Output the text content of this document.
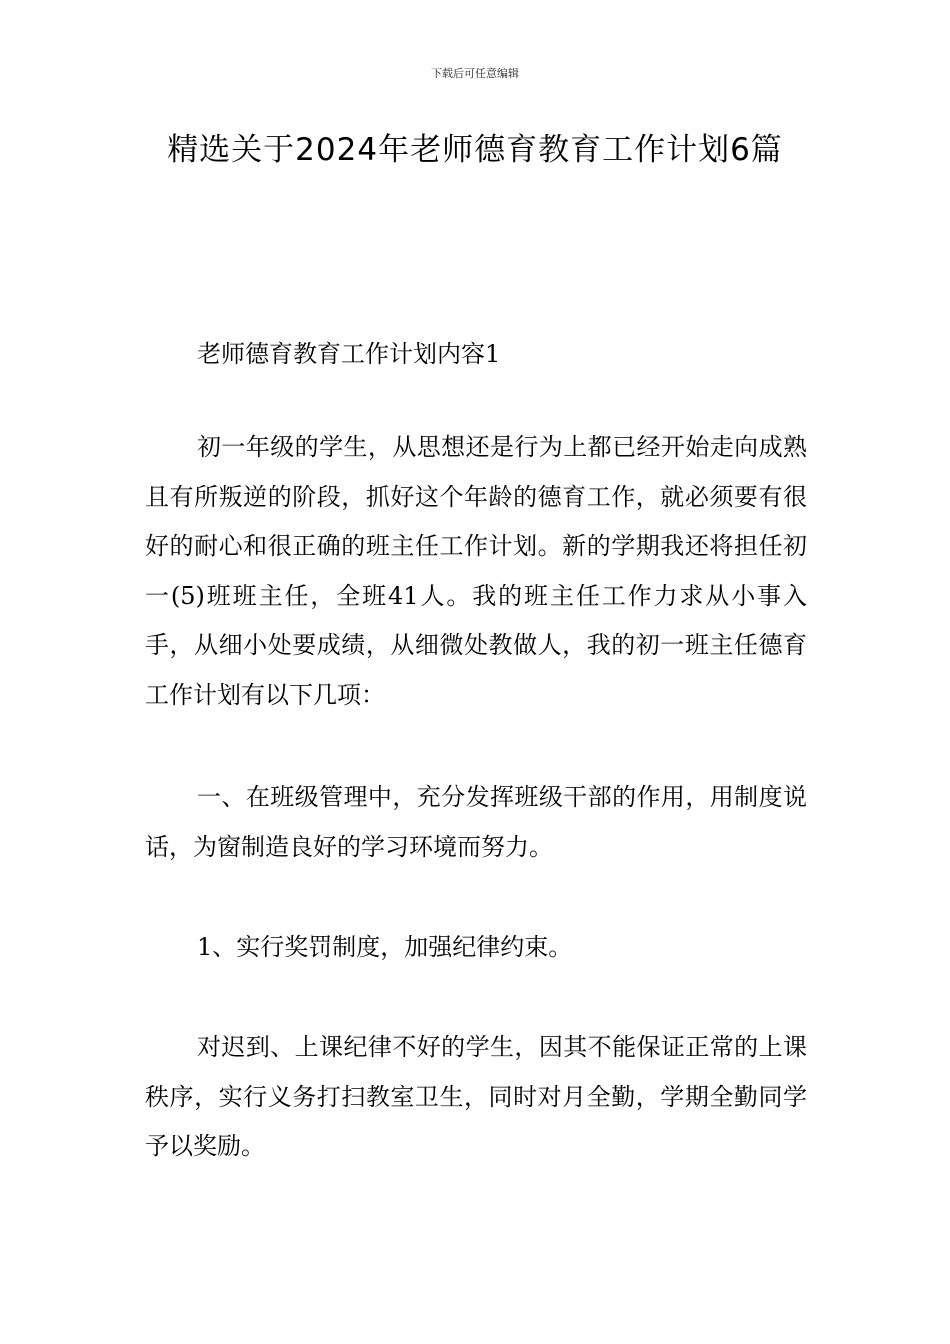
下载后可任意编辑
精选关于2024年老师德育教育工作计划6篇

老师德育教育工作计划内容1

初一年级的学生，从思想还是行为上都已经开始走向成熟且有所叛逆的阶段，抓好这个年龄的德育工作，就必须要有很好的耐心和很正确的班主任工作计划。新的学期我还将担任初一(5)班班主任，全班41人。我的班主任工作力求从小事入手，从细小处要成绩，从细微处教做人，我的初一班主任德育工作计划有以下几项：

一、在班级管理中，充分发挥班级干部的作用，用制度说话，为窗制造良好的学习环境而努力。

1、实行奖罚制度，加强纪律约束。

对迟到、上课纪律不好的学生，因其不能保证正常的上课秩序，实行义务打扫教室卫生，同时对月全勤，学期全勤同学予以奖励。
